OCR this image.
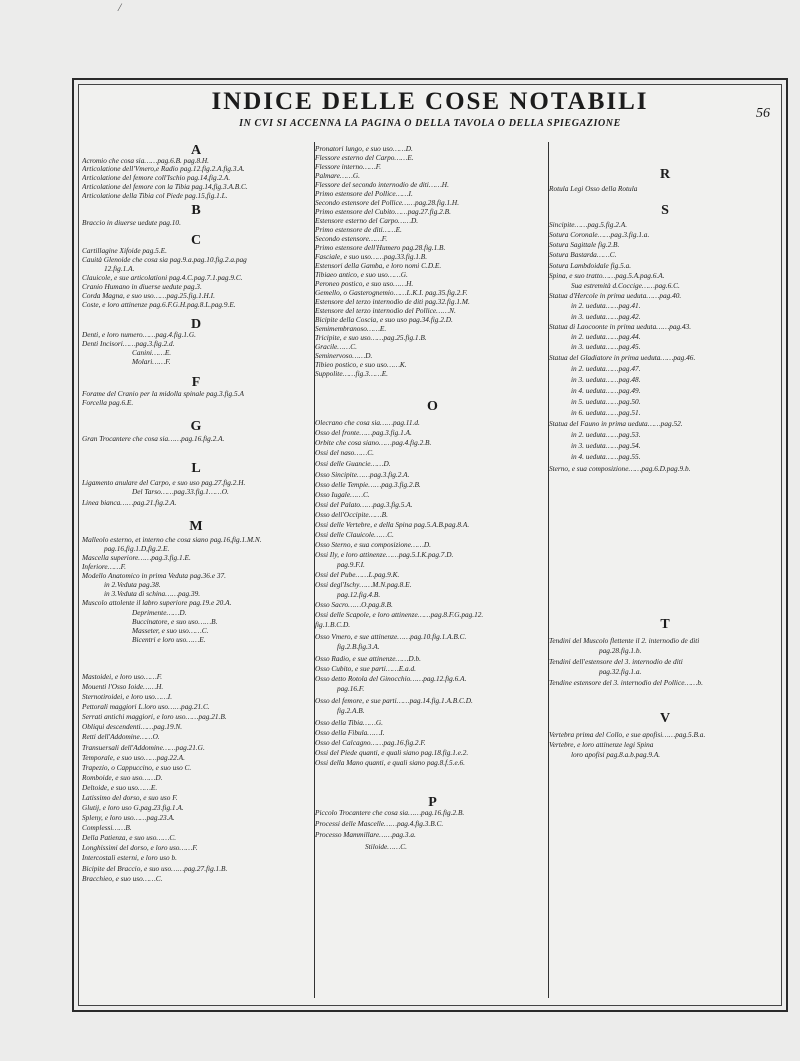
/
56
INDICE DELLE COSE NOTABILI
IN CVI SI ACCENNA LA PAGINA O DELLA TAVOLA O DELLA SPIEGAZIONE
A
Acromio che cosa sia……pag.6.B. pag.8.H.
Articolatione dell'Vmero,e Radio pag.12.fig.2.A.fig.3.A.
Articolatione del femore coll'Ischio pag.14,fig.2.A.
Articolatione del femore con la Tibia pag.14,fig.3.A.B.C.
Articolatione della Tibia col Piede pag.15,fig.1.L.
B
Braccio in diuerse uedute pag.10.
C
Cartillagine Xifoide pag.5.E.
Cauità Glenoide che cosa sia pag.9.a.pag.10.fig.2.a.pag
12.fig.1.A.
Clauicole, e sue articolationi pag.4.C.pag.7.1.pag.9.C.
Cranio Humano in diuerse uedute pag.3.
Corda Magna, e suo uso……pag.25.fig.1.H.I.
Coste, e loro attinenze pag.6.F.G.H.pag.8.L.pag.9.E.
D
Denti, e loro numero……pag.4.fig.1.G.
Denti Incisori……pag.3.fig.2.d.
Canini……E.
Molari……F.
F
Forame del Cranio per la midolla spinale pag.3.fig.5.A
Forcella pag.6.E.
G
Gran Trocantere che cosa sia……pag.16.fig.2.A.
L
Ligamento anulare del Carpo, e suo uso pag.27.fig.2.H.
Del Tarso……pag.33.fig.1……O.
Linea bianca……pag.21.fig.2.A.
M
Malleolo esterno, et interno che cosa siano pag.16,fig.1.M.N.
pag.16,fig.1.D,fig.2.E.
Mascella superiore……pag.3.fig.1.E.
Inferiore……F.
Modello Anatomico in prima Veduta pag.36.e 37.
in 2.Veduta pag.38.
in 3.Veduta di schina……pag.39.
Muscolo attolente il labro superiore pag.19.e 20.A.
Deprimente……D.
Buccinatore, e suo uso……B.
Masseter, e suo uso……C.
Bicentri e loro uso……E.
Mastoidei, e loro uso……F.
Mouenti l'Osso Ioide……H.
Sternotiroidei, e loro uso……I.
Pettorali maggiori L.loro uso……pag.21.C.
Serrati antichi maggiori, e loro uso……pag.21.B.
Obliqui descendenti……pag.19.N.
Retti dell'Addomine……O.
Transuersali dell'Addomine……pag.21.G.
Temporale, e suo uso……pag.22.A.
Trapezio, o Cappuccino, e suo uso C.
Romboide, e suo uso……D.
Deltoide, e suo uso……E.
Latissimo del dorso, e suo uso F.
Glutij, e loro uso G.pag.23.fig.1.A.
Spleny, e loro uso……pag.23.A.
Complessi……B.
Della Patienza, e suo uso……C.
Longhissimi del dorso, e loro uso……F.
Intercostali esterni, e loro uso b.
Bicipite del Braccio, e suo uso……pag.27.fig.1.B.
Bracchieo, e suo uso……C.
Pronatori lungo, e suo uso……D.
Flessore esterno del Carpo……E.
Flessore interno……F.
Palmare……G.
Flessore del secondo internodio de diti……H.
Primo estensore del Pollice……I.
Secondo estensore del Pollice……pag.28.fig.1.H.
Primo estensore del Cubito……pag.27.fig.2.B.
Estensore esterno del Carpo……D.
Primo estensore de diti……E.
Secondo estensore……F.
Primo estensore dell'Humero pag.28.fig.1.B.
Fasciale, e suo uso……pag.33.fig.1.B.
Estensori della Gamba, e loro nomi C.D.E.
Tibiaeo antico, e suo uso……G.
Peroneo postico, e suo uso……H.
Gemello, o Gasterognemio……L.K.I. pag.35.fig.2.F.
Estensore del terzo internodio de diti pag.32.fig.1.M.
Estensore del terzo internodio del Pollice……N.
Bicipite della Coscia, e suo uso pag.34.fig.2.D.
Semimembranoso……E.
Tricipite, e suo uso……pag.25.fig.1.B.
Gracile……C.
Seminervoso……D.
Tibieo postico, e suo uso……K.
Suppolite……fig.3……E.
O
Olecrano che cosa sia……pag.11.d.
Osso del fronte……pag.3.fig.1.A.
Orbite che cosa siano……pag.4.fig.2.B.
Ossi del naso……C.
Ossi delle Guancie……D.
Osso Sincipite……pag.3.fig.2.A.
Osso delle Tempie……pag.3.fig.2.B.
Osso Iugale……C.
Ossi del Palato……pag.3.fig.5.A.
Osso dell'Occipite……B.
Ossi delle Vertebre, e della Spina pag.5.A.B.pag.8.A.
Ossi delle Clauicole……C.
Osso Sterno, e sua composizione……D.
Ossi Ily, e loro attinenze……pag.5.I.K.pag.7.D.
pag.9.F.I.
Ossi del Pube……L.pag.9.K.
Ossi degl'Ischy……M.N.pag.8.E.
pag.12.fig.4.B.
Osso Sacro……O.pag.8.B.
Ossi delle Scapole, e loro attinenze……pag.8.F.G.pag.12.
fig.1.B.C.D.
Osso Vmero, e sue attinenze……pag.10.fig.1.A.B.C.
fig.2.B.fig.3.A.
Osso Radio, e sue attinenze……D.b.
Osso Cubito, e sue parti……E.a.d.
Osso detto Rotola del Ginocchio……pag.12.fig.6.A.
pag.16.F.
Osso del femore, e sue parti……pag.14.fig.1.A.B.C.D.
fig.2.A.B.
Osso della Tibia……G.
Osso della Fibula……I.
Osso del Calcagno……pag.16.fig.2.F.
Ossi del Piede quanti, e quali siano pag.18.fig.1.e.2.
Ossi della Mano quanti, e quali siano pag.8.f.5.e.6.
P
Piccolo Trocantere che cosa sia……pag.16.fig.2.B.
Processi delle Mascelle……pag.4.fig.3.B.C.
Processo Mammillare……pag.3.a.
Stiloide……C.
R
Rotula Legi Osso della Rotula
S
Sincipite……pag.5.fig.2.A.
Sotura Coronale……pag.3.fig.1.a.
Sotura Sagittale fig.2.B.
Sotura Bastarda……C.
Sotura Lambdoidale fig.5.a.
Spina, e suo tratto……pag.5.A.pag.6.A.
Sua estremità d.Coccige……pag.6.C.
Statua d'Hercole in prima ueduta……pag.40.
in 2. ueduta……pag.41.
in 3. ueduta……pag.42.
Statua di Laocoonte in prima ueduta……pag.43.
in 2. ueduta……pag.44.
in 3. ueduta……pag.45.
Statua del Gladiatore in prima ueduta……pag.46.
in 2. ueduta……pag.47.
in 3. ueduta……pag.48.
in 4. ueduta……pag.49.
in 5. ueduta……pag.50.
in 6. ueduta……pag.51.
Statua del Fauno in prima ueduta……pag.52.
in 2. ueduta……pag.53.
in 3. ueduta……pag.54.
in 4. ueduta……pag.55.
Sterno, e sua composizione……pag.6.D.pag.9.b.
T
Tendini del Muscolo flettente il 2. internodio de diti
pag.28.fig.1.b.
Tendini dell'estensore del 3. internodio de diti
pag.32.fig.1.a.
Tendine estensore del 3. internodio del Pollice……b.
V
Vertebra prima del Collo, e sue apofisi……pag.5.B.a.
Vertebre, e loro attinenze legi Spina
loro apofisi pag.8.a.b.pag.9.A.
